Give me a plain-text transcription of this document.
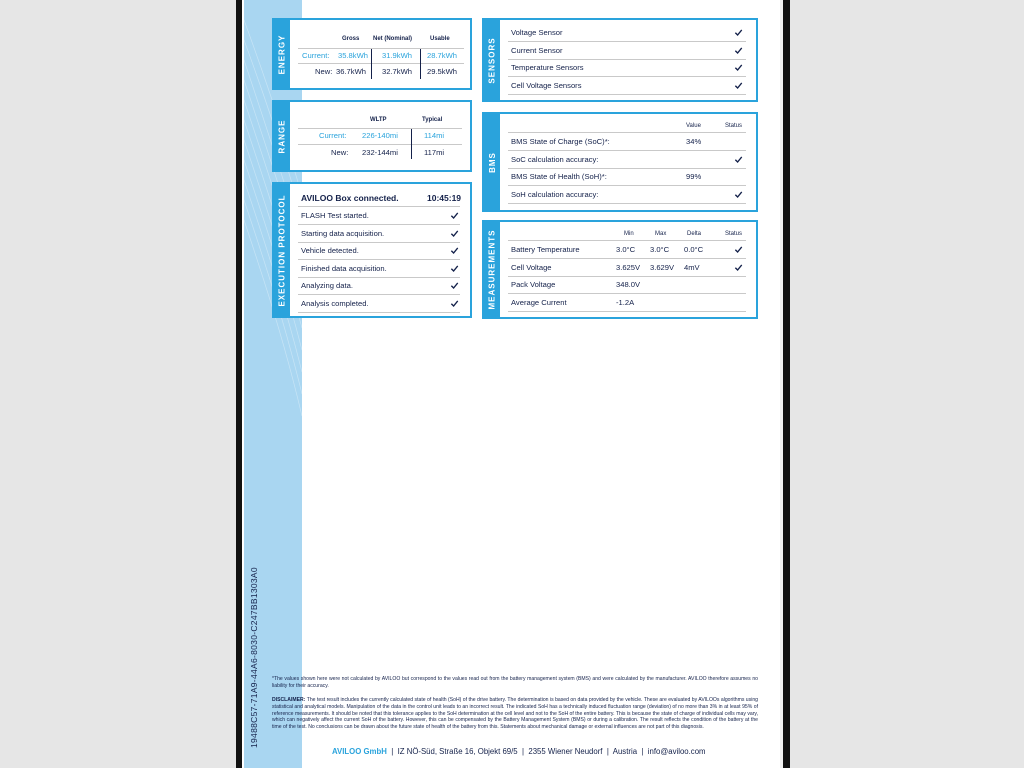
19488C57-71A9-44A6-8030-C247BB1303A0
ENERGY	Gross Net (Nominal)	Usable
Current: 35.8kWh 31.9kWh 28.7kWh
New: 36.7kWh 32.7kWh 29.5kWh
RANGE	WLTP	Typical
Current: 226-140mi	114mi
New: 232-144mi	117mi
EXECUTION PROTOCOL AVILOO Box connected.	10:45:19
FLASH Test started.
Starting data acquisition.
Vehicle detected.
Finished data acquisition.
Analyzing data.
Analysis completed.
SENSORS
Voltage Sensor
Current Sensor
Temperature Sensors
Cell Voltage Sensors
BMS
Value	Status
BMS State of Charge (SoC)*:	34%
SoC calculation accuracy:
BMS State of Health (SoH)*:	99%
SoH calculation accuracy:
MEASUREMENTS	Min	Max	Delta	Status
Battery Temperature	3.0°C 3.0°C 0.0°C
Cell Voltage	3.625V 3.629V 4mV
Pack Voltage	348.0V
Average Current	-1.2A
*The values shown here were not calculated by AVILOO but correspond to the values read out from the battery management system (BMS) and were calculated by the manufacturer. AVILOO therefore assumes no liability for their accuracy.
DISCLAIMER: The test result includes the currently calculated state of health (SoH) of the drive battery. The determination is based on data provided by the vehicle. These are evaluated by AVILOOs algorithms using statistical and analytical models. Manipulation of the data in the control unit leads to an incorrect result. The indicated SoH has a technically induced fluctuation range (deviation) of no more than 3% in at least 95% of reference measurements. It should be noted that this tolerance applies to the SoH determination at the cell level and not to the SoH of the entire battery. This is because the state of charge of individual cells may vary, which can negatively affect the current SoH of the battery. However, this can be compensated by the Battery Management System (BMS) or during a calibration. The result reflects the condition of the battery at the time of the test. No conclusions can be drawn about the future state of health of the battery from this. Statements about mechanical damage or external influences are not part of this diagnosis.
AVILOO GmbH | IZ NÖ-Süd, Straße 16, Objekt 69/5 | 2355 Wiener Neudorf | Austria | info@aviloo.com
